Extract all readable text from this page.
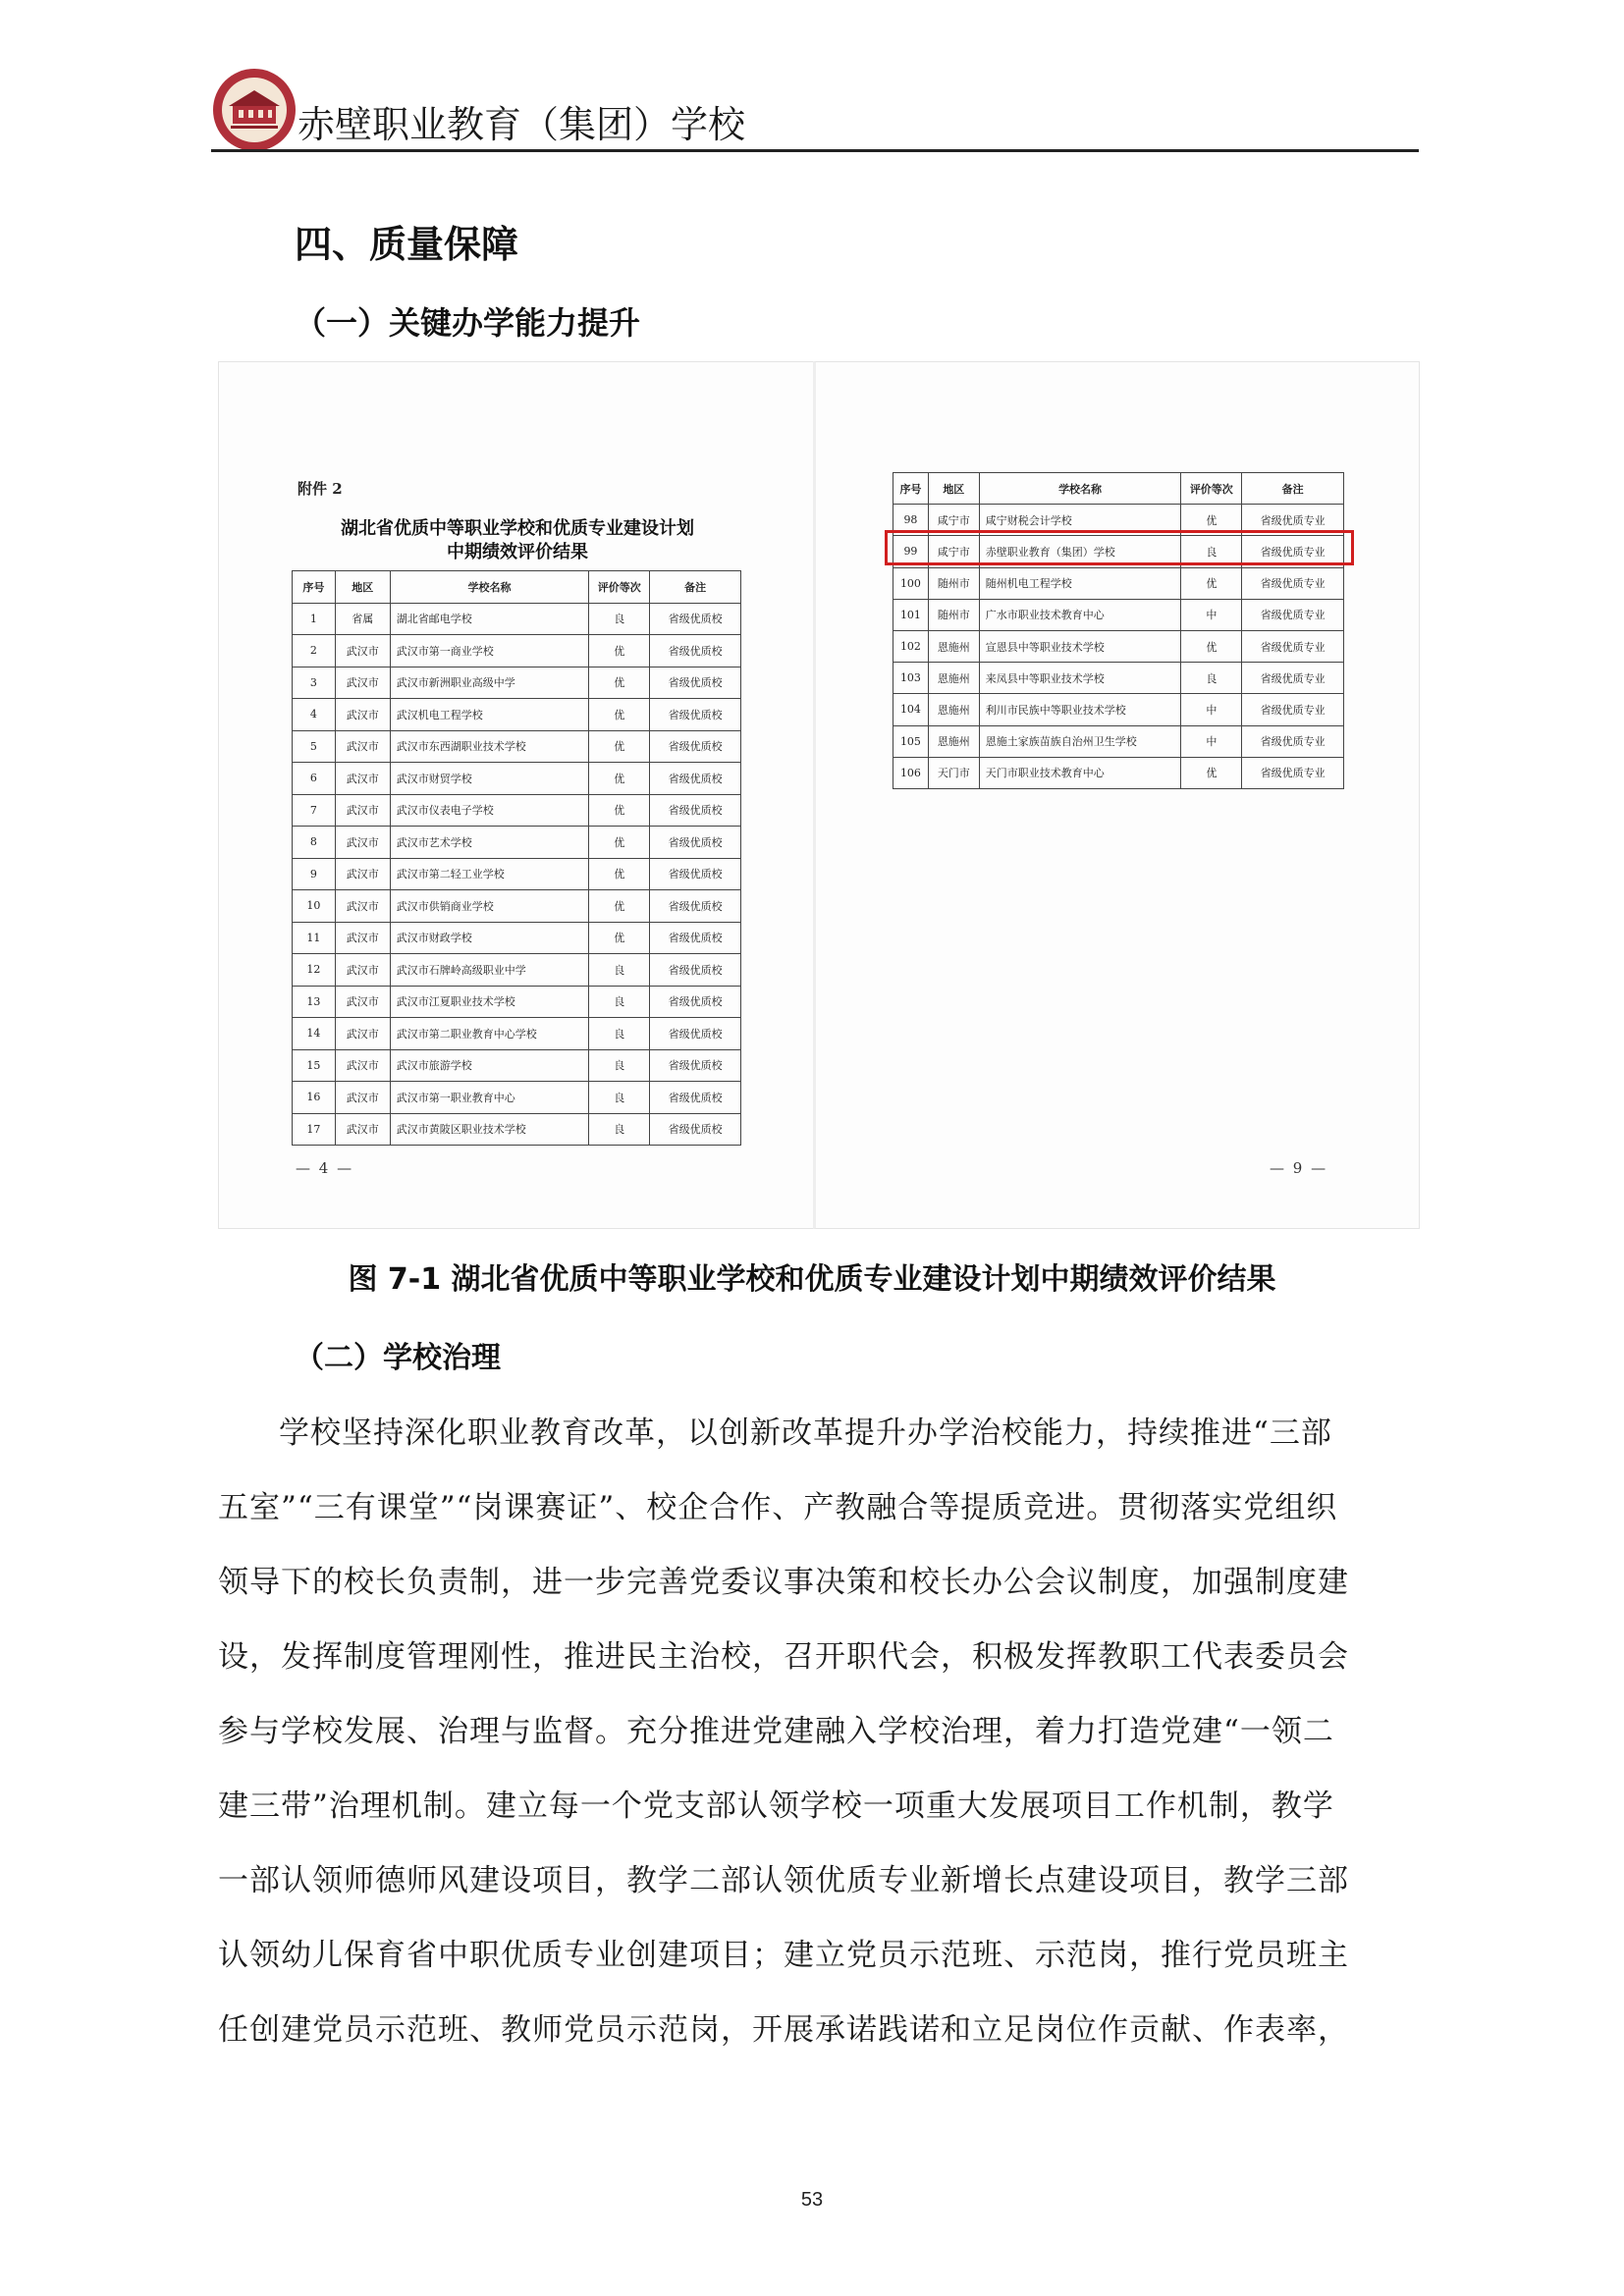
赤壁职业教育（集团）学校
四、质量保障
（一）关键办学能力提升
附件 2
湖北省优质中等职业学校和优质专业建设计划
中期绩效评价结果
序号	地区	学校名称	评价等次	备注
1	省属	湖北省邮电学校	良	省级优质校
2	武汉市	武汉市第一商业学校	优	省级优质校
3	武汉市	武汉市新洲职业高级中学	优	省级优质校
4	武汉市	武汉机电工程学校	优	省级优质校
5	武汉市	武汉市东西湖职业技术学校	优	省级优质校
6	武汉市	武汉市财贸学校	优	省级优质校
7	武汉市	武汉市仪表电子学校	优	省级优质校
8	武汉市	武汉市艺术学校	优	省级优质校
9	武汉市	武汉市第二轻工业学校	优	省级优质校
10	武汉市	武汉市供销商业学校	优	省级优质校
11	武汉市	武汉市财政学校	优	省级优质校
12	武汉市	武汉市石牌岭高级职业中学	良	省级优质校
13	武汉市	武汉市江夏职业技术学校	良	省级优质校
14	武汉市	武汉市第二职业教育中心学校	良	省级优质校
15	武汉市	武汉市旅游学校	良	省级优质校
16	武汉市	武汉市第一职业教育中心	良	省级优质校
17	武汉市	武汉市黄陂区职业技术学校	良	省级优质校
— 4 —
序号	地区	学校名称	评价等次	备注
98	咸宁市	咸宁财税会计学校	优	省级优质专业
99	咸宁市	赤壁职业教育（集团）学校	良	省级优质专业
100	随州市	随州机电工程学校	优	省级优质专业
101	随州市	广水市职业技术教育中心	中	省级优质专业
102	恩施州	宣恩县中等职业技术学校	优	省级优质专业
103	恩施州	来凤县中等职业技术学校	良	省级优质专业
104	恩施州	利川市民族中等职业技术学校	中	省级优质专业
105	恩施州	恩施土家族苗族自治州卫生学校	中	省级优质专业
106	天门市	天门市职业技术教育中心	优	省级优质专业
— 9 —
图 7-1 湖北省优质中等职业学校和优质专业建设计划中期绩效评价结果
（二）学校治理
学校坚持深化职业教育改革，以创新改革提升办学治校能力，持续推进“三部
五室”“三有课堂”“岗课赛证”、校企合作、产教融合等提质竞进。贯彻落实党组织
领导下的校长负责制，进一步完善党委议事决策和校长办公会议制度，加强制度建
设，发挥制度管理刚性，推进民主治校，召开职代会，积极发挥教职工代表委员会
参与学校发展、治理与监督。充分推进党建融入学校治理，着力打造党建“一领二
建三带”治理机制。建立每一个党支部认领学校一项重大发展项目工作机制，教学
一部认领师德师风建设项目，教学二部认领优质专业新增长点建设项目，教学三部
认领幼儿保育省中职优质专业创建项目；建立党员示范班、示范岗，推行党员班主
任创建党员示范班、教师党员示范岗，开展承诺践诺和立足岗位作贡献、作表率，
53
